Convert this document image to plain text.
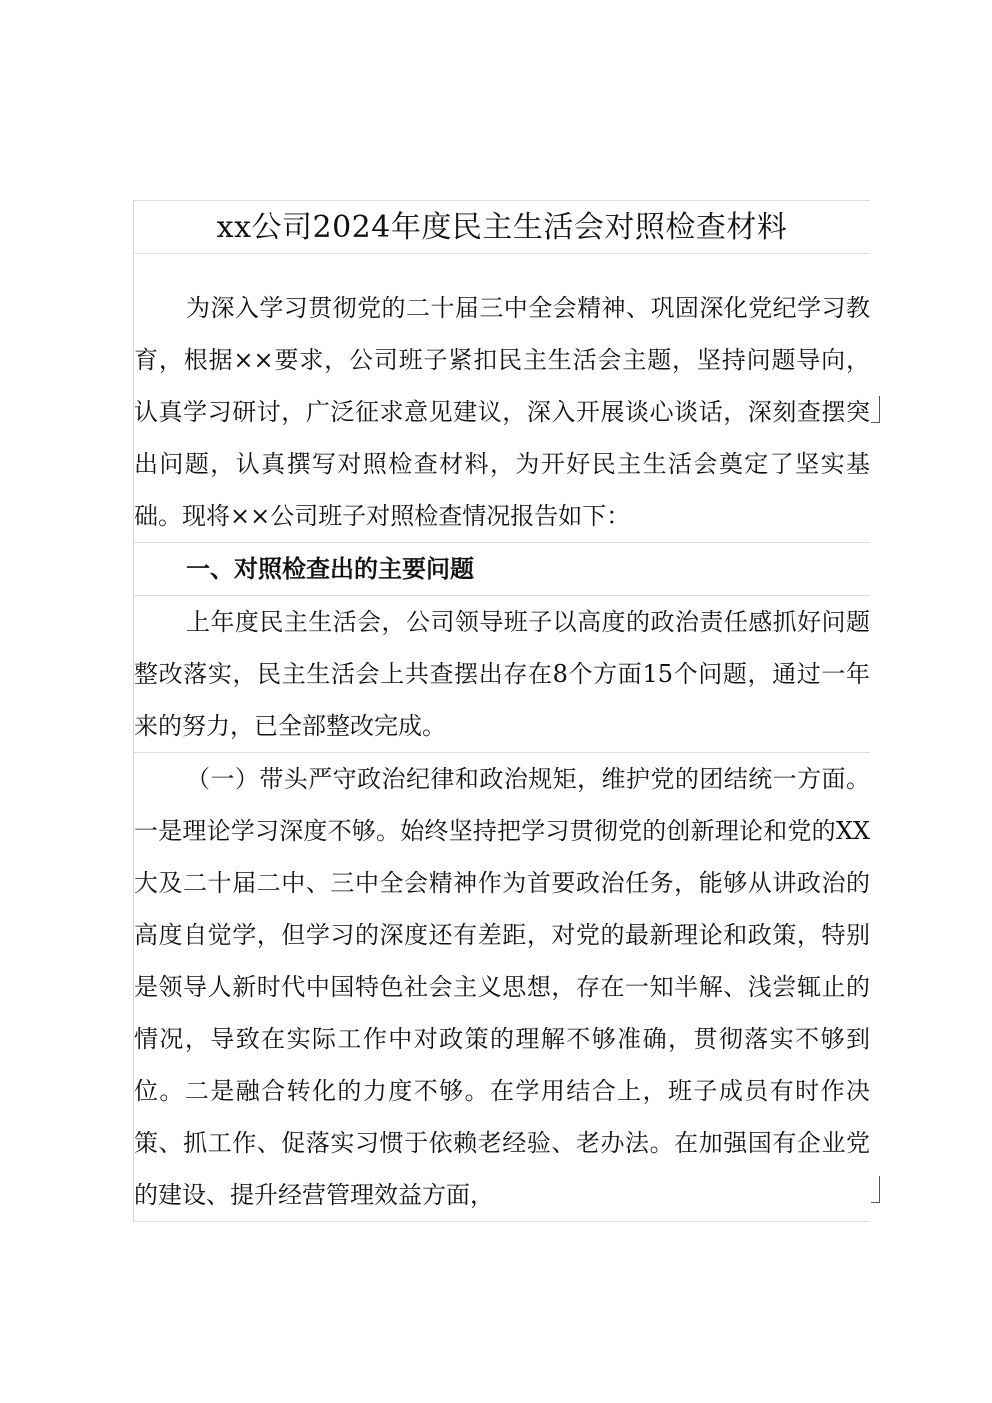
xx公司2024年度民主生活会对照检查材料

为深入学习贯彻党的二十届三中全会精神、巩固深化党纪学习教育，根据××要求，公司班子紧扣民主生活会主题，坚持问题导向，认真学习研讨，广泛征求意见建议，深入开展谈心谈话，深刻查摆突出问题，认真撰写对照检查材料，为开好民主生活会奠定了坚实基础。现将××公司班子对照检查情况报告如下：

一、对照检查出的主要问题

上年度民主生活会，公司领导班子以高度的政治责任感抓好问题整改落实，民主生活会上共查摆出存在8个方面15个问题，通过一年来的努力，已全部整改完成。

（一）带头严守政治纪律和政治规矩，维护党的团结统一方面。一是理论学习深度不够。始终坚持把学习贯彻党的创新理论和党的XX大及二十届二中、三中全会精神作为首要政治任务，能够从讲政治的高度自觉学，但学习的深度还有差距，对党的最新理论和政策，特别是领导人新时代中国特色社会主义思想，存在一知半解、浅尝辄止的情况，导致在实际工作中对政策的理解不够准确，贯彻落实不够到位。二是融合转化的力度不够。在学用结合上，班子成员有时作决策、抓工作、促落实习惯于依赖老经验、老办法。在加强国有企业党的建设、提升经营管理效益方面，
